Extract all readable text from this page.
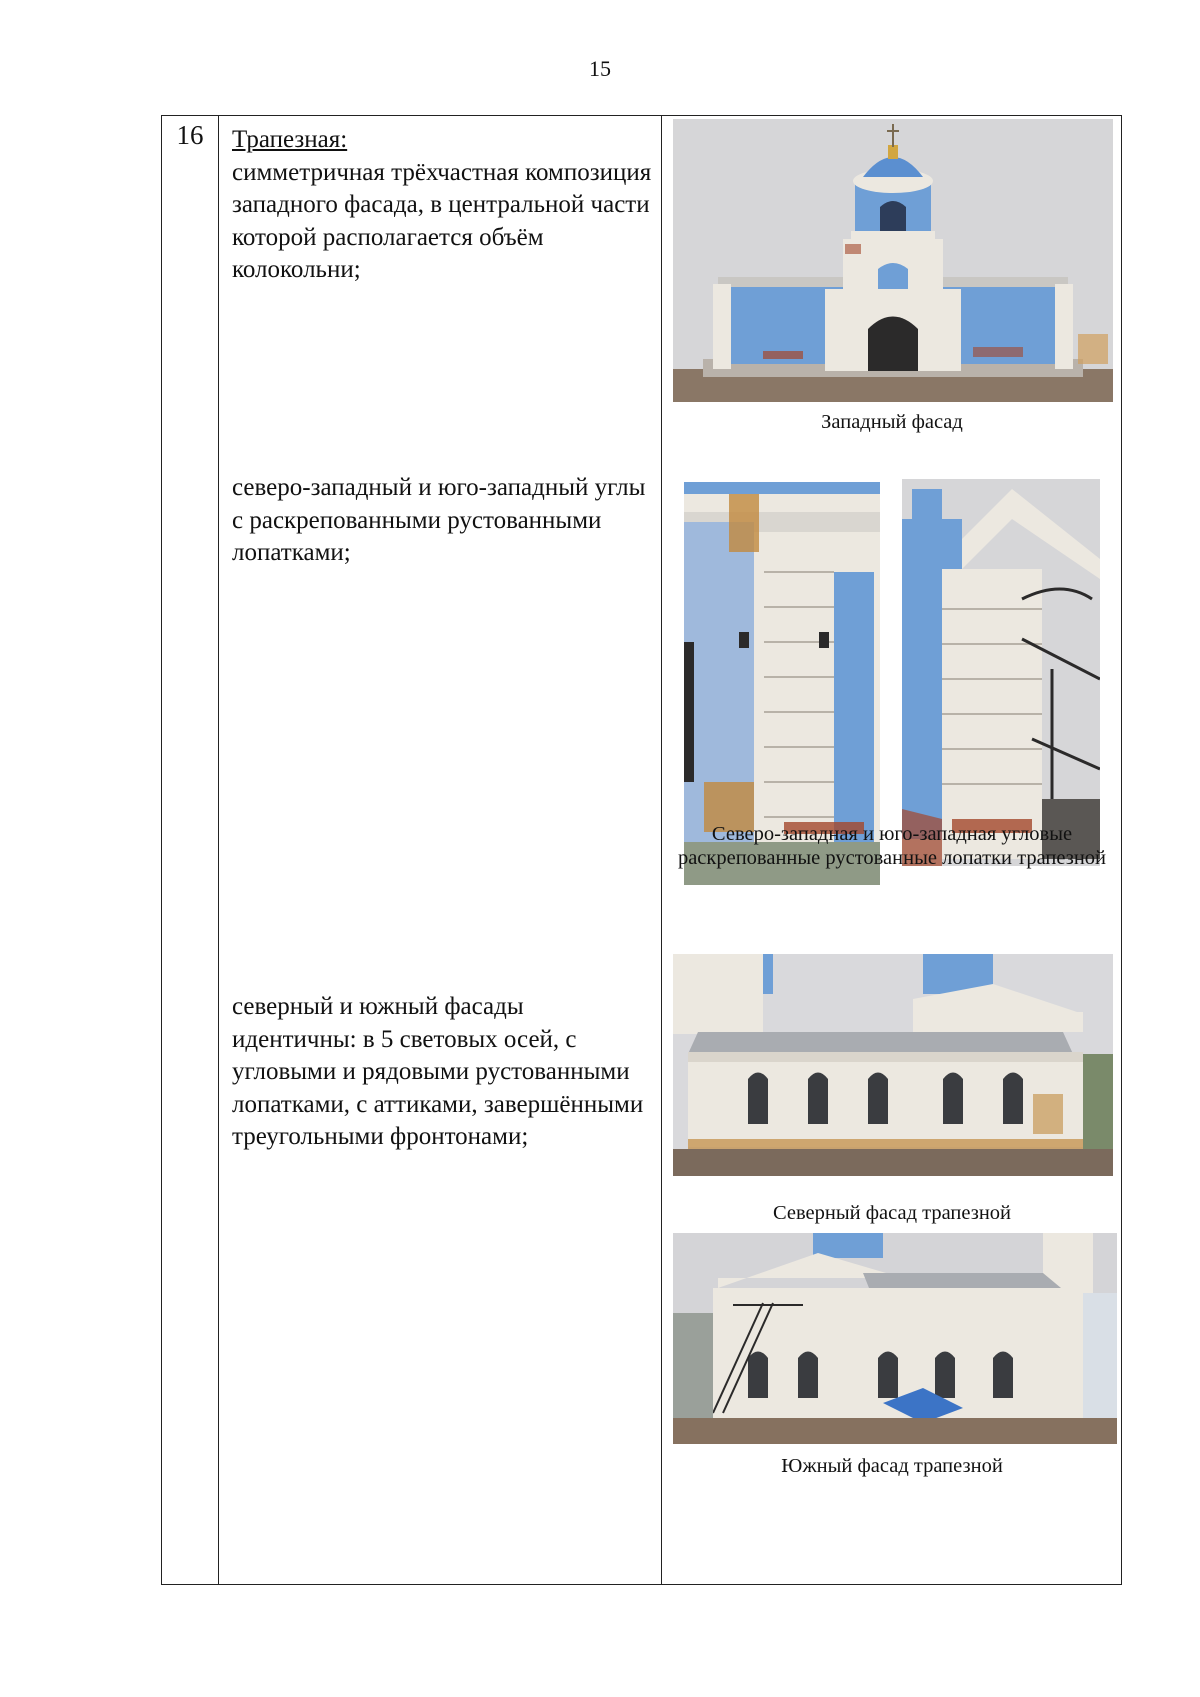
15
16	Трапезная:

симметричная трёхчастная композиция западного фасада, в центральной части которой располагается объём колокольни;

северо-западный и юго-западный углы с раскрепованными рустованными лопатками;

северный и южный фасады идентичны: в 5 световых осей, с угловыми и рядовыми рустованными лопатками, с аттиками, завершёнными треугольными фронтонами;

Западный фасад
Северо-западная и юго-западная угловые раскрепованные рустованные лопатки трапезной
Северный фасад трапезной
Южный фасад трапезной
